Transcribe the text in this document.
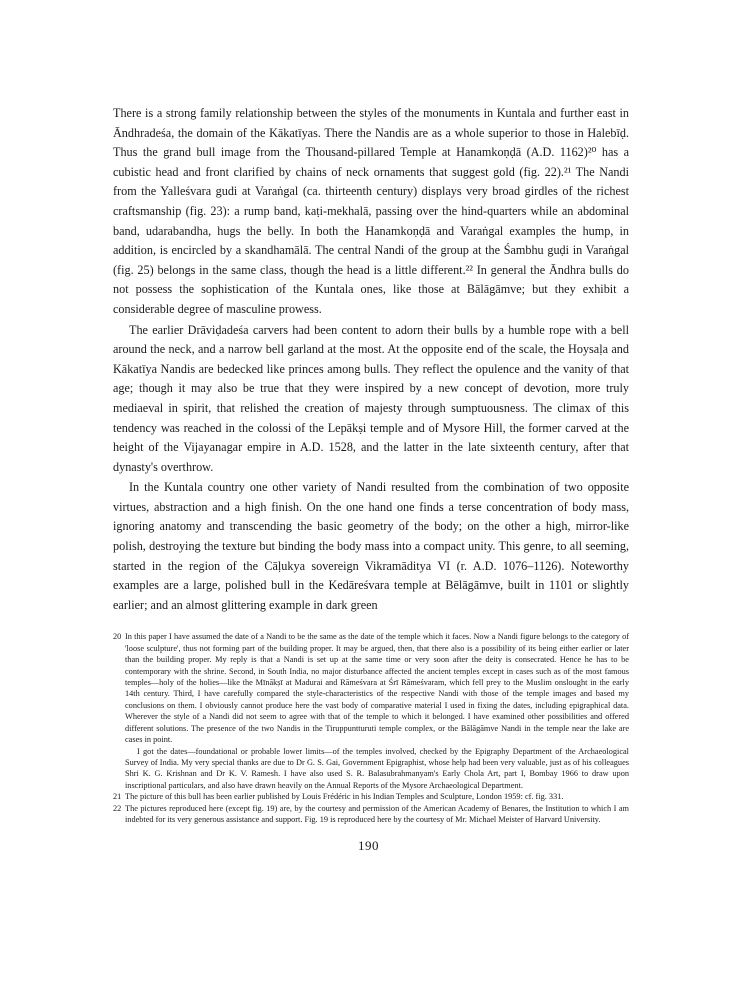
There is a strong family relationship between the styles of the monuments in Kuntala and further east in Āndhradeśa, the domain of the Kākatīyas. There the Nandis are as a whole superior to those in Halebīḍ. Thus the grand bull image from the Thousand-pillared Temple at Hanamkoṇḍā (A.D. 1162)²⁰ has a cubistic head and front clarified by chains of neck ornaments that suggest gold (fig. 22).²¹ The Nandi from the Yalleśvara gudi at Varaṅgal (ca. thirteenth century) displays very broad girdles of the richest craftsmanship (fig. 23): a rump band, kaṭi-mekhalā, passing over the hind-quarters while an abdominal band, udarabandha, hugs the belly. In both the Hanamkoṇḍā and Varaṅgal examples the hump, in addition, is encircled by a skandhamālā. The central Nandi of the group at the Śambhu guḍi in Varaṅgal (fig. 25) belongs in the same class, though the head is a little different.²² In general the Āndhra bulls do not possess the sophistication of the Kuntala ones, like those at Bālāgāmve; but they exhibit a considerable degree of masculine prowess.

The earlier Drāviḍadeśa carvers had been content to adorn their bulls by a humble rope with a bell around the neck, and a narrow bell garland at the most. At the opposite end of the scale, the Hoysaḷa and Kākatīya Nandis are bedecked like princes among bulls. They reflect the opulence and the vanity of that age; though it may also be true that they were inspired by a new concept of devotion, more truly mediaeval in spirit, that relished the creation of majesty through sumptuousness. The climax of this tendency was reached in the colossi of the Lepākṣi temple and of Mysore Hill, the former carved at the height of the Vijayanagar empire in A.D. 1528, and the latter in the late sixteenth century, after that dynasty's overthrow.

In the Kuntala country one other variety of Nandi resulted from the combination of two opposite virtues, abstraction and a high finish. On the one hand one finds a terse concentration of body mass, ignoring anatomy and transcending the basic geometry of the body; on the other a high, mirror-like polish, destroying the texture but binding the body mass into a compact unity. This genre, to all seeming, started in the region of the Cāḷukya sovereign Vikramāditya VI (r. A.D. 1076–1126). Noteworthy examples are a large, polished bull in the Kedāreśvara temple at Bēlāgāmve, built in 1101 or slightly earlier; and an almost glittering example in dark green

20 In this paper I have assumed the date of a Nandi to be the same as the date of the temple which it faces. Now a Nandi figure belongs to the category of 'loose sculpture', thus not forming part of the building proper. It may be argued, then, that there also is a possibility of its being either earlier or later than the building proper. My reply is that a Nandi is set up at the same time or very soon after the deity is consecrated. Hence he has to be contemporary with the shrine. Second, in South India, no major disturbance affected the ancient temples except in cases such as of the most famous temples—holy of the holies—like the Mīnākṣī at Madurai and Rāmeśvara at Śrī Rāmeśvaram, which fell prey to the Muslim onslought in the early 14th century. Third, I have carefully compared the style-characteristics of the respective Nandi with those of the temple images and based my conclusions on them. I obviously cannot produce here the vast body of comparative material I used in fixing the dates, including epigraphical data. Wherever the style of a Nandi did not seem to agree with that of the temple to which it belonged. I have examined other possibilities and offered different solutions. The presence of the two Nandis in the Tiruppuntturuti temple complex, or the Bālāgāmve Nandi in the temple near the lake are cases in point.

I got the dates—foundational or probable lower limits—of the temples involved, checked by the Epigraphy Department of the Archaeological Survey of India. My very special thanks are due to Dr G. S. Gai, Government Epigraphist, whose help had been very valuable, just as of his colleagues Shri K. G. Krishnan and Dr K. V. Ramesh. I have also used S. R. Balasubrahmanyam's Early Chola Art, part I, Bombay 1966 to draw upon inscriptional particulars, and also have drawn heavily on the Annual Reports of the Mysore Archaeological Department.

21 The picture of this bull has been earlier published by Louis Frédéric in his Indian Temples and Sculpture, London 1959: cf. fig. 331.

22 The pictures reproduced here (except fig. 19) are, by the courtesy and permission of the American Academy of Benares, the Institution to which I am indebted for its very generous assistance and support. Fig. 19 is reproduced here by the courtesy of Mr. Michael Meister of Harvard University.

190
